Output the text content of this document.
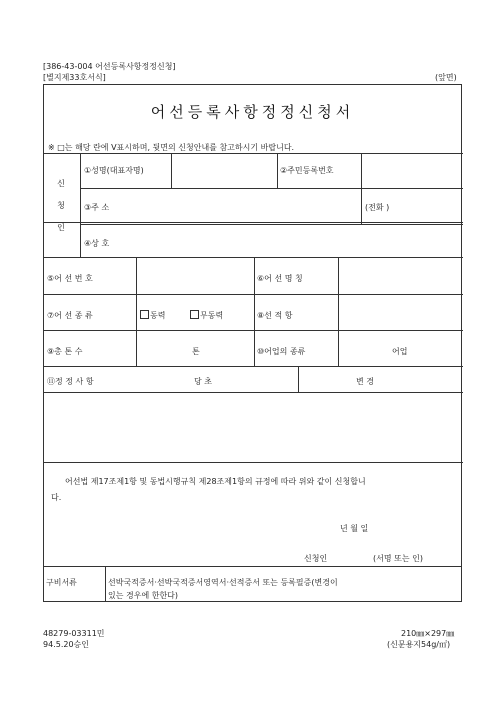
[386-43-004 어선등록사항정정신청]
[별지제33호서식]	(앞면)
어선등록사항정정신청서
※ □는 해당 란에 V표시하며, 뒷면의 신청안내를 참고하시기 바랍니다.
신
청
인
①성명(대표자명)	②주민등록번호
③주 소	(전화 )
④상 호
⑤어 선 번 호	⑥어 선 명 칭
⑦어 선 종 류	동력	무동력	⑧선 적 항
⑨총 톤 수	톤	⑩어업의 종류	어업
⑪정 정 사 항	당 초	변 경
어선법 제17조제1항 및 동법시행규칙 제28조제1항의 규정에 따라 위와 같이 신청합니
다.
년 월 일
신청인	(서명 또는 인)
구비서류	선박국적증서·선박국적증서영역서·선적증서 또는 등록필증(변경이
있는 경우에 한한다)
48279-03311민
94.5.20승인
210㎜×297㎜
(신문용지54g/㎡)
